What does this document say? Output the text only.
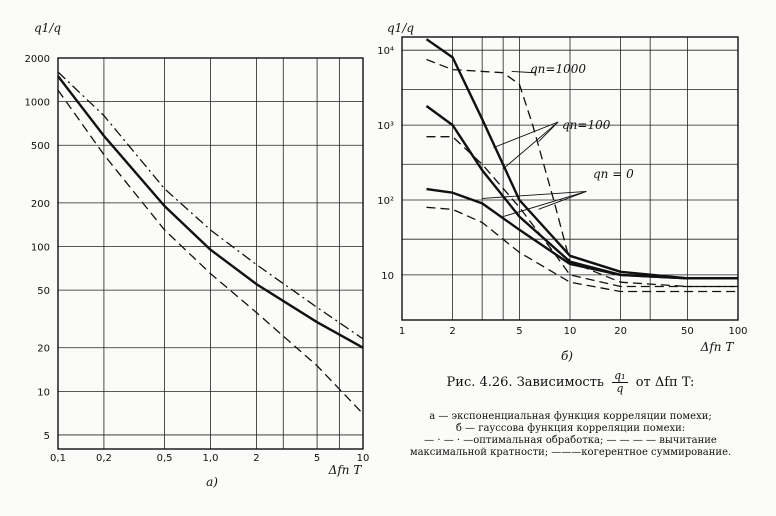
0,1	0,2	0,5	1,0	2	5	10
5
10
20
50
100
200
500
1000
2000
Δfп T
q1/q
а)
1	2	5	10	20	50	100
10
10²
10³
10⁴
Δfп T
q1/q
б)
qп=1000
qп=100
qп = 0
Рис. 4.26. Зависимость $\frac{\text{q₁}}{q}$ от Δfп T:
а — экспоненциальная функция корреляции помехи;
б — гауссова функция корреляции помехи:
— · — · —оптимальная обработка; — — — — вычитание
максимальной кратности; ———когерентное суммирование.
